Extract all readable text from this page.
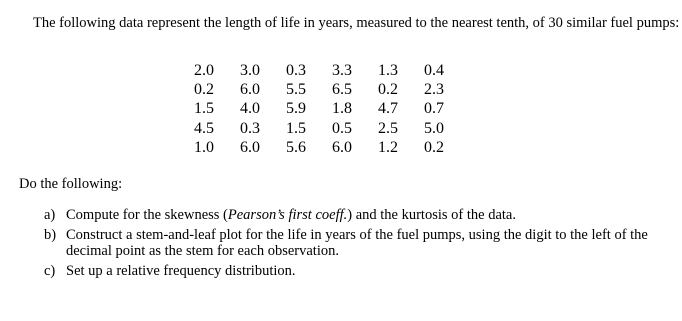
The following data represent the length of life in years, measured to the nearest tenth, of 30 similar fuel pumps:
2.0	3.0	0.3	3.3	1.3	0.4
0.2	6.0	5.5	6.5	0.2	2.3
1.5	4.0	5.9	1.8	4.7	0.7
4.5	0.3	1.5	0.5	2.5	5.0
1.0	6.0	5.6	6.0	1.2	0.2
Do the following:
a) Compute for the skewness (Pearson’s first coeff.) and the kurtosis of the data.
b) Construct a stem-and-leaf plot for the life in years of the fuel pumps, using the digit to the left of the decimal point as the stem for each observation.
c) Set up a relative frequency distribution.
